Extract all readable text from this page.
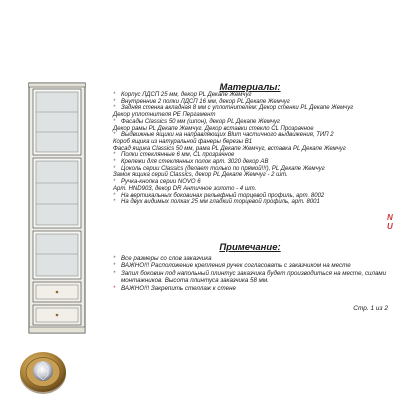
Материалы:
* Корпус ЛДСП 25 мм, декор PL Декапе Жемчуг
* Внутренние 2 полки ЛДСП 16 мм, декор PL Декапе Жемчуг
* Задняя стенка вкладная 8 мм с уплотнителем: Декор стенки PL Декапе Жемчуг
Декор уплотнителя PE Пергамент
* Фасады Classics 50 мм (шпон), декор PL Декапе Жемчуг
Декор рамы PL Декапе Жемчуг. Декор вставки стекло CL Прозрачное
* Выдвижные ящики на направляющих Blum частичного выдвижения, ТИП 2
Короб ящика из натуральной фанеры березы В1
Фасад ящика Classics 50 мм, рама PL Декапе Жемчуг, вставка PL Декапе Жемчуг
* Полки стеклянные 6 мм, CL прозрачное
* Крепежи для стеклянных полок арт. 3020 декор AB
* Цоколь серии Classics (делает только по прямой!!!), PL Декапе Жемчуг
Замок ящика серий Classics, декор PL Декапе Жемчуг - 2 шт.
* Ручка-кнопка серии NOVO 6
Арт. HND903, декор DR Античное золото - 4 шт.
* На вертикальных боковинах рельефный торцевой профиль, арт. 8002
* На двух видимых полках 25 мм гладкий торцевой профиль, арт. 8001
N
U
Примечание:
* Все размеры со слов заказчика
* ВАЖНО!!! Расположение крепления ручек согласовать с заказчиком на месте
* Запил боковин под напольный плинтус заказчика будет производиться на месте, силами монтажников. Высота плинтуса заказчика 58 мм.
* ВАЖНО!!! Закрепить стеллаж к стене
Стр. 1 из 2
